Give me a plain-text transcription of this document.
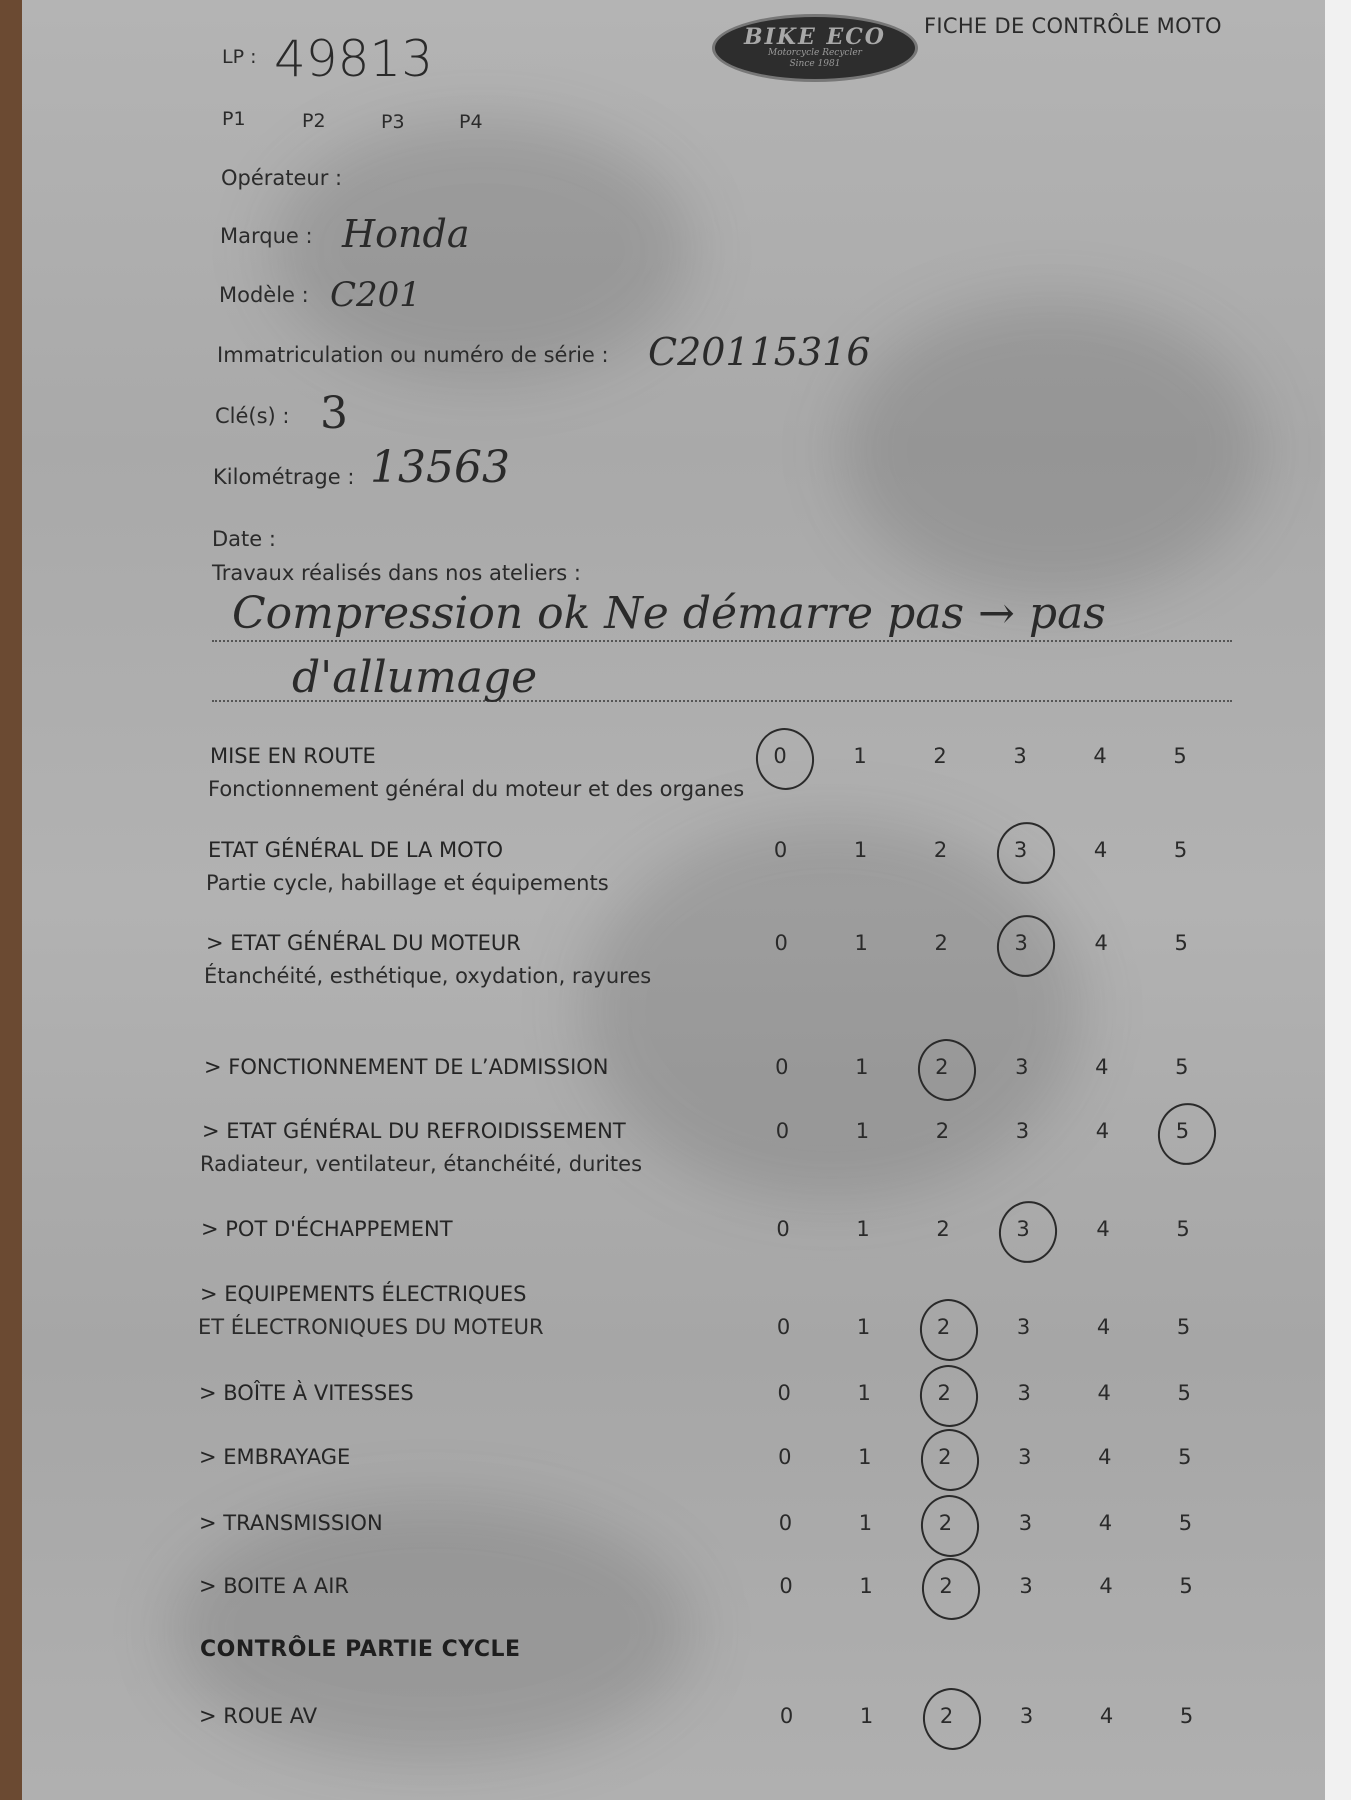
BIKE ECO
Motorcycle Recycler
Since 1981
FICHE DE CONTRÔLE MOTO
LP : 49813
P1	P2	P3	P4
Opérateur :
Marque : Honda
Modèle : C201
Immatriculation ou numéro de série : C20115316
Clé(s) : 3
Kilométrage : 13563
Date :
Travaux réalisés dans nos ateliers :
Compression ok Ne démarre pas → pas
d'allumage
MISE EN ROUTE
Fonctionnement général du moteur et des organes
0	1	2	3	4	5
ETAT GÉNÉRAL DE LA MOTO
Partie cycle, habillage et équipements
0	1	2	3	4	5
> ETAT GÉNÉRAL DU MOTEUR
Étanchéité, esthétique, oxydation, rayures
0	1	2	3	4	5
> FONCTIONNEMENT DE L’ADMISSION	0	1	2	3	4	5
> ETAT GÉNÉRAL DU REFROIDISSEMENT
Radiateur, ventilateur, étanchéité, durites
0	1	2	3	4	5
> POT D'ÉCHAPPEMENT	0	1	2	3	4	5
> EQUIPEMENTS ÉLECTRIQUES
ET ÉLECTRONIQUES DU MOTEUR	0	1	2	3	4	5
> BOÎTE À VITESSES	0	1	2	3	4	5
> EMBRAYAGE	0	1	2	3	4	5
> TRANSMISSION	0	1	2	3	4	5
> BOITE A AIR	0	1	2	3	4	5
> ROUE AV	0	1	2	3	4	5
CONTRÔLE PARTIE CYCLE
